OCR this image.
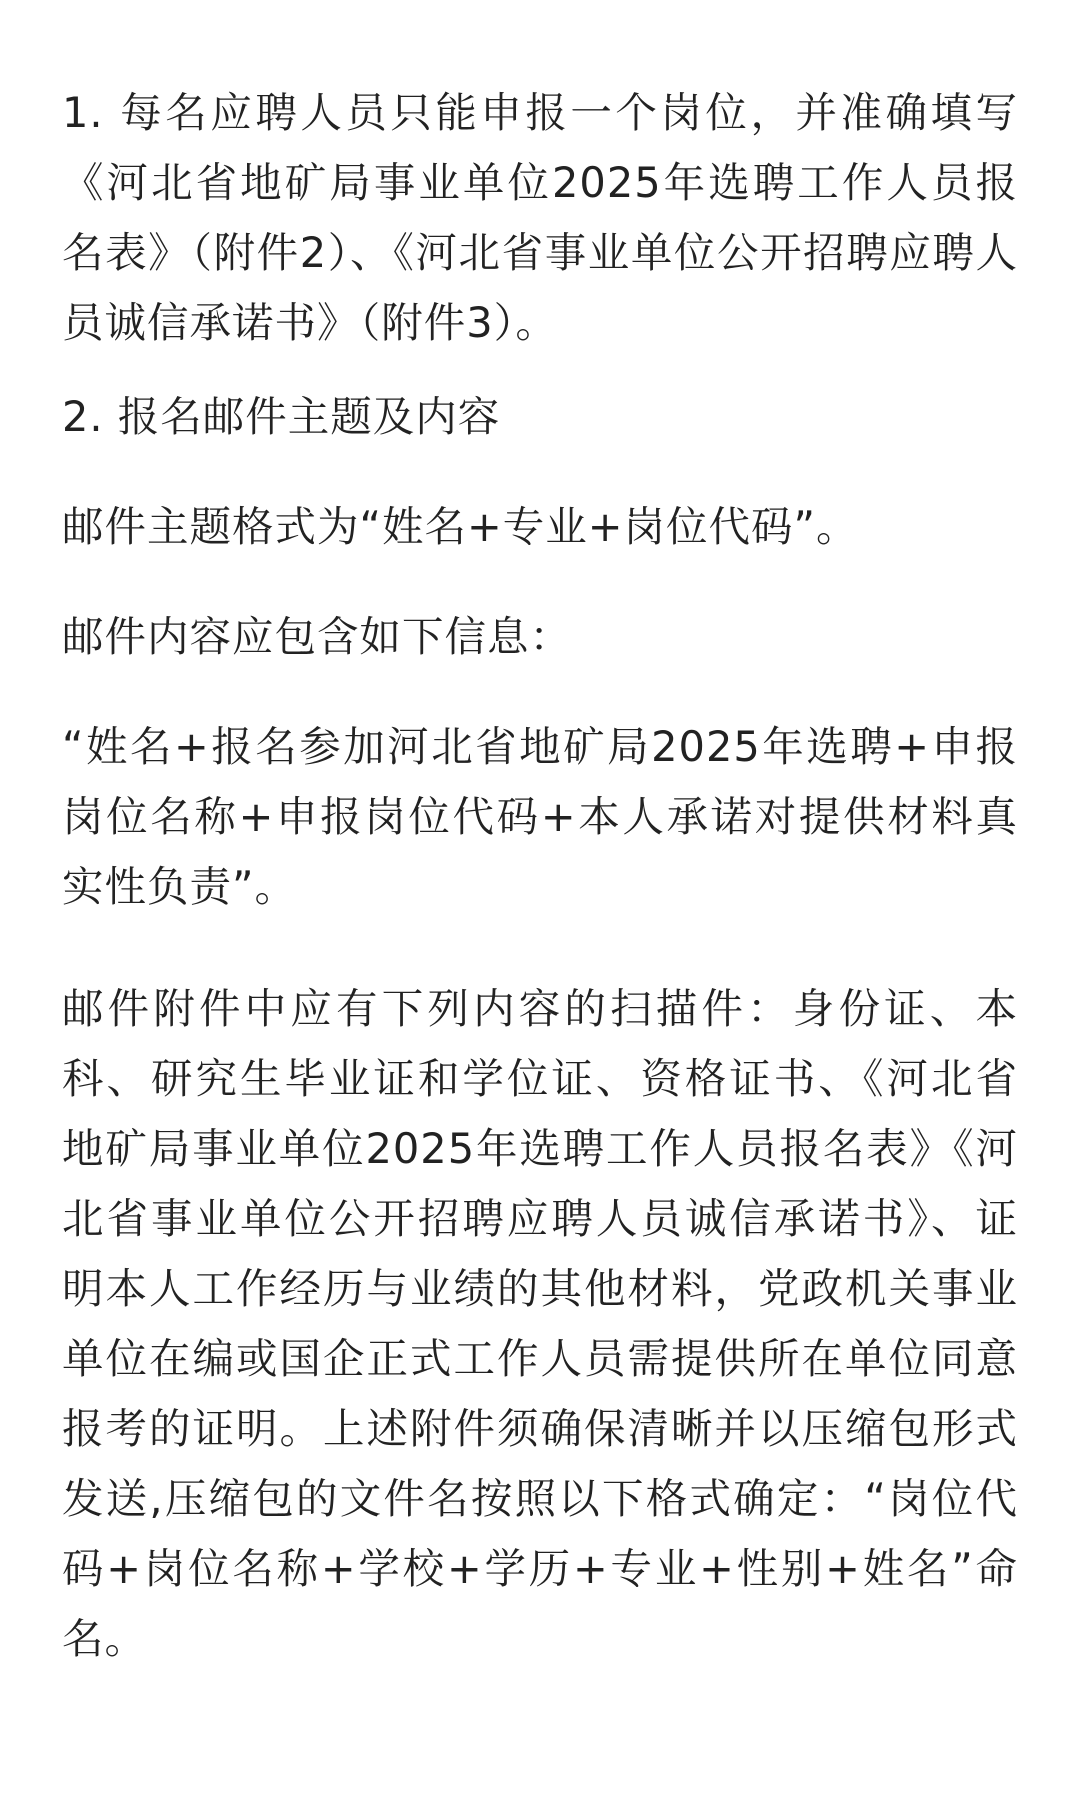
1. 每名应聘人员只能申报一个岗位，并准确填写《河北省地矿局事业单位2025年选聘工作人员报名表》（附件2）、《河北省事业单位公开招聘应聘人员诚信承诺书》（附件3）。

2. 报名邮件主题及内容

邮件主题格式为“姓名+专业+岗位代码”。

邮件内容应包含如下信息：

“姓名+报名参加河北省地矿局2025年选聘+申报岗位名称+申报岗位代码+本人承诺对提供材料真实性负责”。

邮件附件中应有下列内容的扫描件：身份证、本科、研究生毕业证和学位证、资格证书、《河北省地矿局事业单位2025年选聘工作人员报名表》《河北省事业单位公开招聘应聘人员诚信承诺书》、证明本人工作经历与业绩的其他材料，党政机关事业单位在编或国企正式工作人员需提供所在单位同意报考的证明。上述附件须确保清晰并以压缩包形式发送,压缩包的文件名按照以下格式确定：“岗位代码+岗位名称+学校+学历+专业+性别+姓名”命名。
